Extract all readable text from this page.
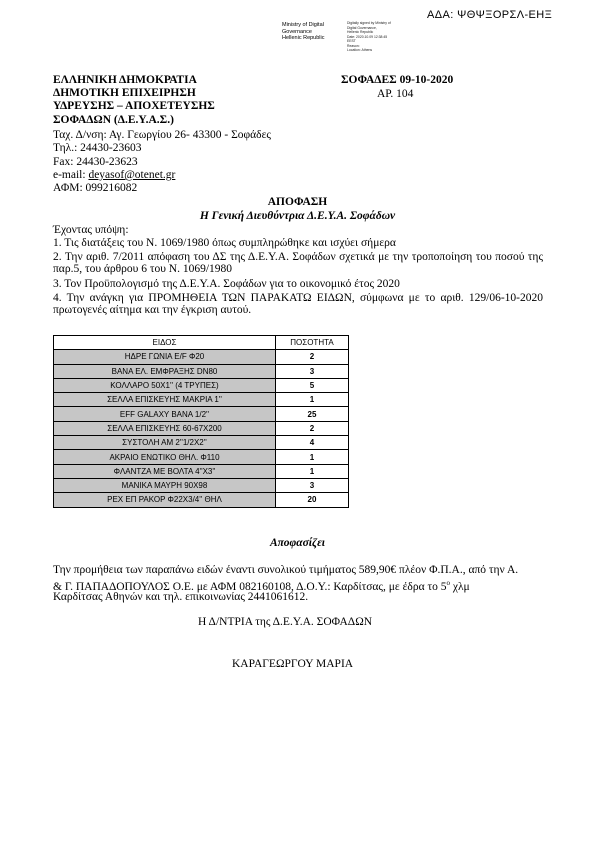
ΑΔΑ: ΨΘΨΞΟΡΣΛ-ΕΗΞ
Ministry of Digital
Governance
Hellenic Republic
Digitally signed by Ministry of
Digital Governance,
Hellenic Republic
Date: 2020.10.09 12:38:45
EEST
Reason:
Location: Athens
ΕΛΛΗΝΙΚΗ ΔΗΜΟΚΡΑΤΙΑ
ΔΗΜΟΤΙΚΗ ΕΠΙΧΕΙΡΗΣΗ
ΥΔΡΕΥΣΗΣ – ΑΠΟΧΕΤΕΥΣΗΣ
ΣΟΦΑΔΩΝ (Δ.Ε.Υ.Α.Σ.)
ΣΟΦΑΔΕΣ 09-10-2020
ΑΡ. 104
Ταχ. Δ/νση: Αγ. Γεωργίου 26- 43300 - Σοφάδες
Τηλ.: 24430-23603
Fax: 24430-23623
e-mail: deyasof@otenet.gr
ΑΦΜ: 099216082
ΑΠΟΦΑΣΗ
Η Γενική Διευθύντρια Δ.Ε.Υ.Α. Σοφάδων
Έχοντας υπόψη:
1. Τις διατάξεις του Ν. 1069/1980 όπως συμπληρώθηκε και ισχύει σήμερα
2. Την αριθ. 7/2011 απόφαση του ΔΣ της Δ.Ε.Υ.Α. Σοφάδων σχετικά με την τροποποίηση του ποσού της παρ.5, του άρθρου 6 του Ν. 1069/1980
3. Τον Προϋπολογισμό της Δ.Ε.Υ.Α. Σοφάδων για το οικονομικό έτος 2020
4. Την ανάγκη για ΠΡΟΜΗΘΕΙΑ ΤΩΝ ΠΑΡΑΚΑΤΩ ΕΙΔΩΝ, σύμφωνα με το αριθ. 129/06-10-2020 πρωτογενές αίτημα και την έγκριση αυτού.
ΕΙΔΟΣ	ΠΟΣΟΤΗΤΑ
ΗΔΡΕ ΓΩΝΙΑ Ε/F Φ20	2
ΒΑΝΑ ΕΛ. ΕΜΦΡΑΞΗΣ DN80	3
ΚΟΛΛΑΡΟ 50Χ1'' (4 ΤΡΥΠΕΣ)	5
ΣΕΛΛΑ ΕΠΙΣΚΕΥΗΣ ΜΑΚΡΙΑ 1''	1
EFF GALAXY ΒΑΝΑ 1/2''	25
ΣΕΛΛΑ ΕΠΙΣΚΕΥΗΣ 60-67Χ200	2
ΣΥΣΤΟΛΗ ΑΜ 2''1/2Χ2''	4
ΑΚΡΑΙΟ ΕΝΩΤΙΚΟ ΘΗΛ. Φ110	1
ΦΛΑΝΤΖΑ ΜΕ ΒΟΛΤΑ 4''Χ3''	1
ΜΑΝΙΚΑ ΜΑΥΡΗ 90Χ98	3
ΡΕΧ ΕΠ ΡΑΚΟΡ Φ22Χ3/4'' ΘΗΛ	20
Αποφασίζει
Την προμήθεια των παραπάνω ειδών έναντι συνολικού τιμήματος 589,90€ πλέον Φ.Π.Α., από την Α.
& Γ. ΠΑΠΑΔΟΠΟΥΛΟΣ Ο.Ε. με ΑΦΜ 082160108, Δ.Ο.Υ.: Καρδίτσας, με έδρα το $5^o$ χλμ
Καρδίτσας Αθηνών και τηλ. επικοινωνίας 2441061612.
Η Δ/ΝΤΡΙΑ της Δ.Ε.Υ.Α. ΣΟΦΑΔΩΝ
ΚΑΡΑΓΕΩΡΓΟΥ ΜΑΡΙΑ
